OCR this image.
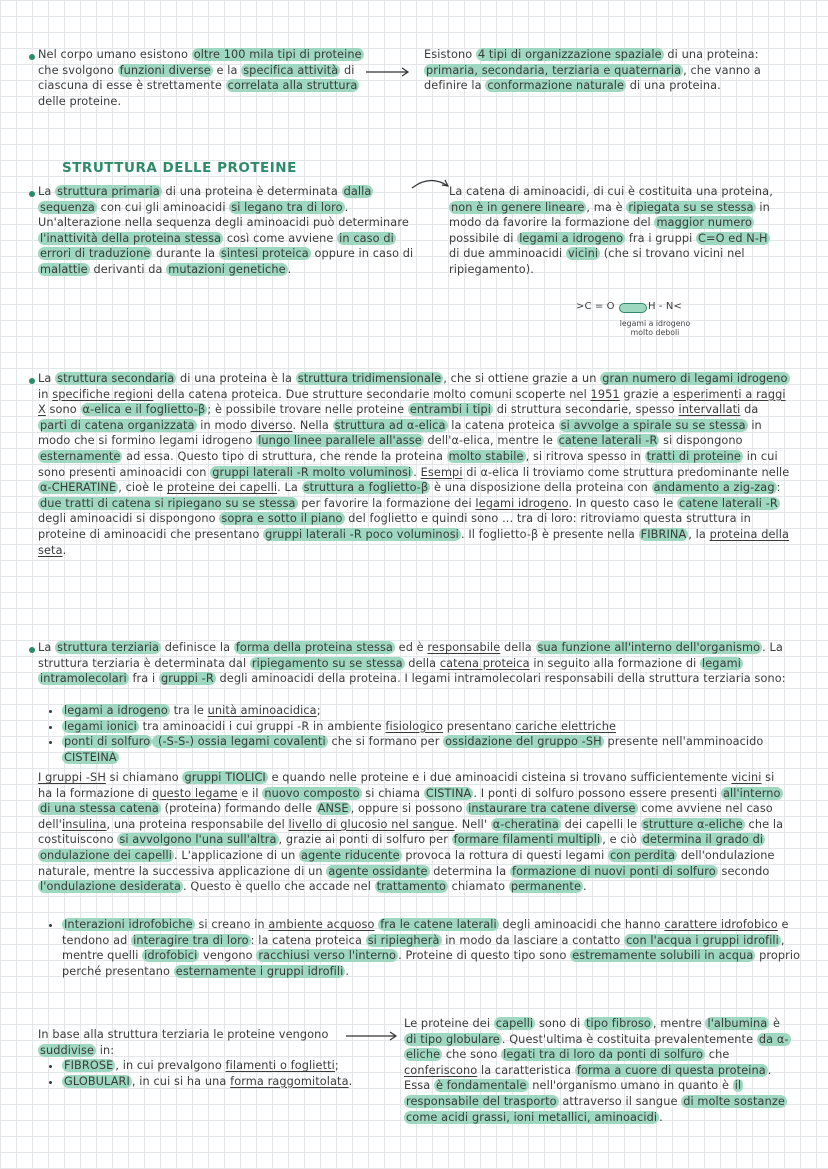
Nel corpo umano esistono oltre 100 mila tipi di proteine che svolgono funzioni diverse e la specifica attività di ciascuna di esse è strettamente correlata alla struttura delle proteine.

Esistono 4 tipi di organizzazione spaziale di una proteina: primaria, secondaria, terziaria e quaternaria , che vanno a definire la conformazione naturale di una proteina.

STRUTTURA DELLE PROTEINE

La struttura primaria di una proteina è determinata dalla sequenza con cui gli aminoacidi si legano tra di loro . Un'alterazione nella sequenza degli aminoacidi può determinare l'inattività della proteina stessa così come avviene in caso di errori di traduzione durante la sintesi proteica oppure in caso di malattie derivanti da mutazioni genetiche .

La catena di aminoacidi, di cui è costituita una proteina, non è in genere lineare , ma è ripiegata su se stessa in modo da favorire la formazione del maggior numero possibile di legami a idrogeno fra i gruppi C=O ed N-H di due amminoacidi vicini (che si trovano vicini nel ripiegamento).

>C = O	H - N<
legami a idrogeno molto deboli

La struttura secondaria di una proteina è la struttura tridimensionale , che si ottiene grazie a un gran numero di legami idrogeno in specifiche regioni della catena proteica. Due strutture secondarie molto comuni scoperte nel 1951 grazie a esperimenti a raggi X sono α-elica e il foglietto-β ; è possibile trovare nelle proteine entrambi i tipi di struttura secondarie, spesso intervallati da parti di catena organizzata in modo diverso. Nella struttura ad α-elica la catena proteica si avvolge a spirale su se stessa in modo che si formino legami idrogeno lungo linee parallele all'asse dell'α-elica, mentre le catene laterali -R si dispongono esternamente ad essa. Questo tipo di struttura, che rende la proteina molto stabile , si ritrova spesso in tratti di proteine in cui sono presenti aminoacidi con gruppi laterali -R molto voluminosi . Esempi di α-elica li troviamo come struttura predominante nelle α-CHERATINE , cioè le proteine dei capelli. La struttura a foglietto-β è una disposizione della proteina con andamento a zig-zag : due tratti di catena si ripiegano su se stessa per favorire la formazione dei legami idrogeno. In questo caso le catene laterali -R degli aminoacidi si dispongono sopra e sotto il piano del foglietto e quindi sono ... tra di loro: ritroviamo questa struttura in proteine di aminoacidi che presentano gruppi laterali -R poco voluminosi . Il foglietto-β è presente nella FIBRINA , la proteina della seta.

La struttura terziaria definisce la forma della proteina stessa ed è responsabile della sua funzione all'interno dell'organismo . La struttura terziaria è determinata dal ripiegamento su se stessa della catena proteica in seguito alla formazione di legami intramolecolari fra i gruppi -R degli aminoacidi della proteina. I legami intramolecolari responsabili della struttura terziaria sono:

• legami a idrogeno tra le unità aminoacidica;
• legami ionici tra aminoacidi i cui gruppi -R in ambiente fisiologico presentano cariche elettriche
• ponti di solfuro (-S-S-) ossia legami covalenti che si formano per ossidazione del gruppo -SH presente nell'amminoacido CISTEINA

I gruppi -SH si chiamano gruppi TIOLICI e quando nelle proteine e i due aminoacidi cisteina si trovano sufficientemente vicini si ha la formazione di questo legame e il nuovo composto si chiama CISTINA . I ponti di solfuro possono essere presenti all'interno di una stessa catena (proteina) formando delle ANSE , oppure si possono instaurare tra catene diverse come avviene nel caso dell'insulina, una proteina responsabile del livello di glucosio nel sangue. Nell' α-cheratina dei capelli le strutture α-eliche che la costituiscono si avvolgono l'una sull'altra , grazie ai ponti di solfuro per formare filamenti multipli , e ciò determina il grado di ondulazione dei capelli . L'applicazione di un agente riducente provoca la rottura di questi legami con perdita dell'ondulazione naturale, mentre la successiva applicazione di un agente ossidante determina la formazione di nuovi ponti di solfuro secondo l'ondulazione desiderata . Questo è quello che accade nel trattamento chiamato permanente .

• Interazioni idrofobiche si creano in ambiente acquoso fra le catene laterali degli aminoacidi che hanno carattere idrofobico e tendono ad interagire tra di loro : la catena proteica si ripiegherà in modo da lasciare a contatto con l'acqua i gruppi idrofili , mentre quelli idrofobici vengono racchiusi verso l'interno . Proteine di questo tipo sono estremamente solubili in acqua proprio perché presentano esternamente i gruppi idrofili .

In base alla struttura terziaria le proteine vengono suddivise in:

• FIBROSE , in cui prevalgono filamenti o foglietti;
• GLOBULARI , in cui si ha una forma raggomitolata.

Le proteine dei capelli sono di tipo fibroso , mentre l'albumina è di tipo globulare . Quest'ultima è costituita prevalentemente da α-eliche che sono legati tra di loro da ponti di solfuro che conferiscono la caratteristica forma a cuore di questa proteina . Essa è fondamentale nell'organismo umano in quanto è il responsabile del trasporto attraverso il sangue di molte sostanze come acidi grassi, ioni metallici, aminoacidi .
